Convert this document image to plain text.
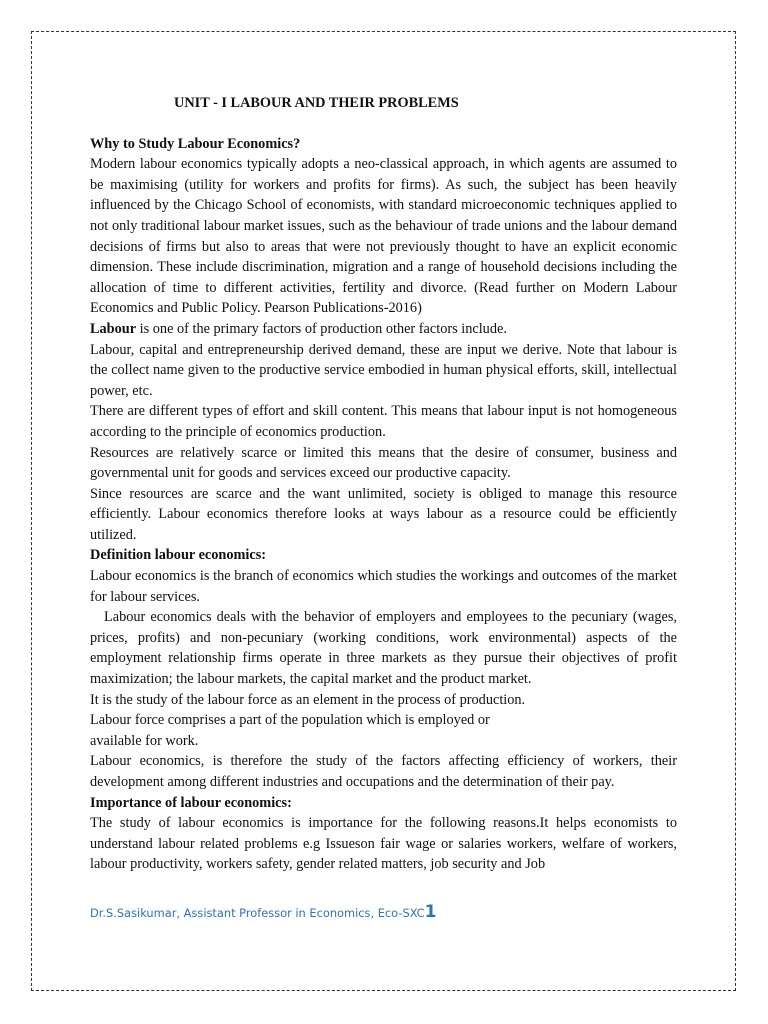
UNIT - I LABOUR AND THEIR PROBLEMS
Why to Study Labour Economics?

Modern labour economics typically adopts a neo-classical approach, in which agents are assumed to be maximising (utility for workers and profits for firms). As such, the subject has been heavily influenced by the Chicago School of economists, with standard microeconomic techniques applied to not only traditional labour market issues, such as the behaviour of trade unions and the labour demand decisions of firms but also to areas that were not previously thought to have an explicit economic dimension. These include discrimination, migration and a range of household decisions including the allocation of time to different activities, fertility and divorce. (Read further on Modern Labour Economics and Public Policy. Pearson Publications-2016)

Labour is one of the primary factors of production other factors include.

Labour, capital and entrepreneurship derived demand, these are input we derive. Note that labour is the collect name given to the productive service embodied in human physical efforts, skill, intellectual power, etc.

There are different types of effort and skill content. This means that labour input is not homogeneous according to the principle of economics production.

Resources are relatively scarce or limited this means that the desire of consumer, business and governmental unit for goods and services exceed our productive capacity.

Since resources are scarce and the want unlimited, society is obliged to manage this resource efficiently. Labour economics therefore looks at ways labour as a resource could be efficiently utilized.

Definition labour economics:

Labour economics is the branch of economics which studies the workings and outcomes of the market for labour services.

Labour economics deals with the behavior of employers and employees to the pecuniary (wages, prices, profits) and non-pecuniary (working conditions, work environmental) aspects of the employment relationship firms operate in three markets as they pursue their objectives of profit maximization; the labour markets, the capital market and the product market.

It is the study of the labour force as an element in the process of production.

Labour force comprises a part of the population which is employed or

available for work.

Labour economics, is therefore the study of the factors affecting efficiency of workers, their development among different industries and occupations and the determination of their pay.

Importance of labour economics:

The study of labour economics is importance for the following reasons.It helps economists to understand labour related problems e.g Issueson fair wage or salaries workers, welfare of workers, labour productivity, workers safety, gender related matters, job security and Job

Dr.S.Sasikumar, Assistant Professor in Economics, Eco-SXC1
